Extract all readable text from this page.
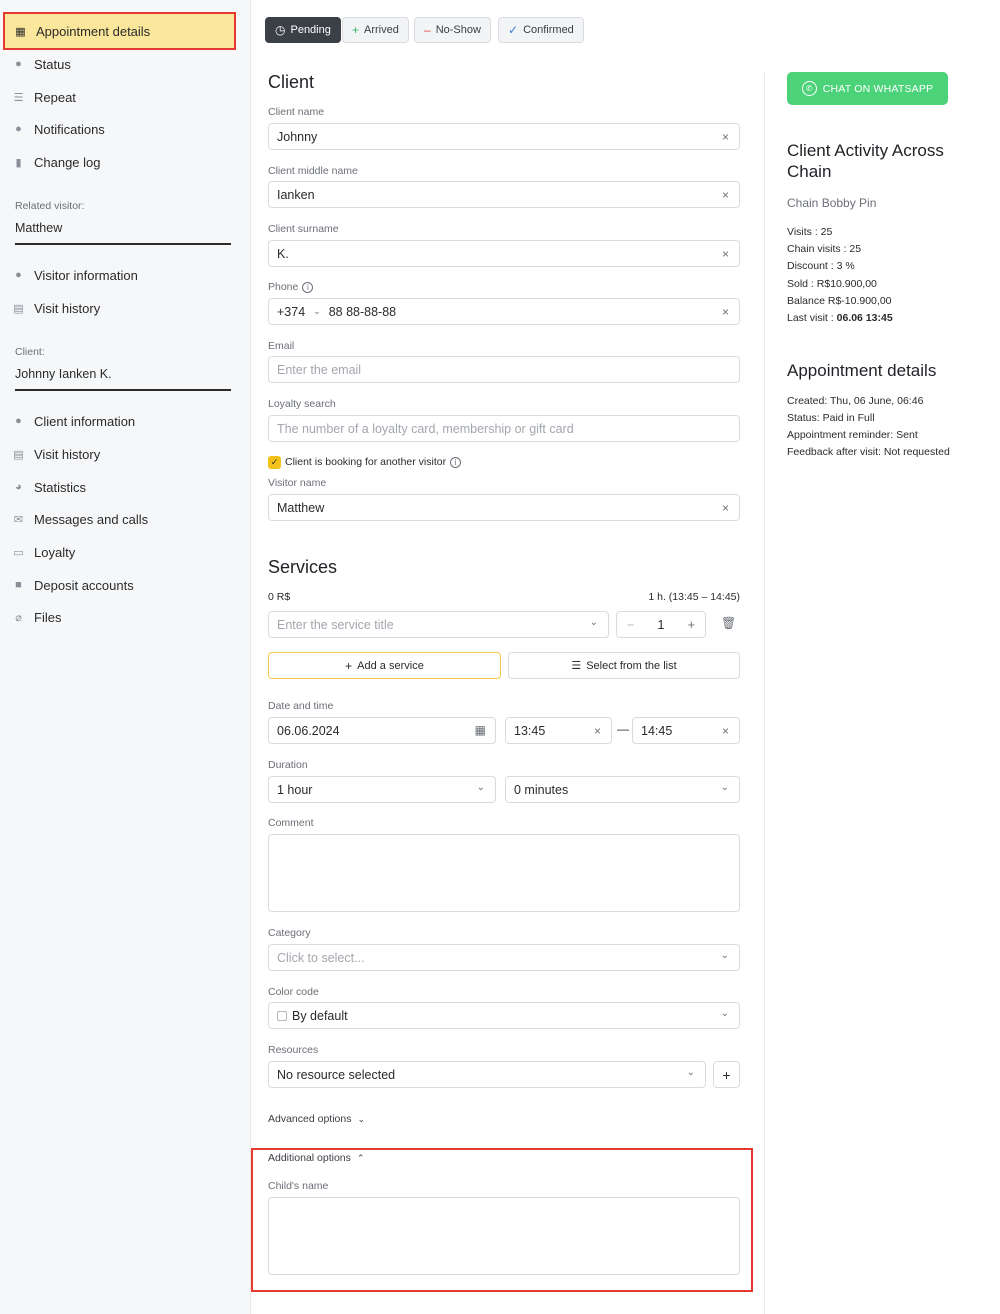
▦ Appointment details
● Status
☰ Repeat
● Notifications
▮ Change log
Related visitor:
Matthew
● Visitor information
▤ Visit history
Client:
Johnny Ianken K.
● Client information
▤ Visit history
◕ Statistics
✉ Messages and calls
▭ Loyalty
■ Deposit accounts
⌀ Files
◷ Pending + Arrived – No-Show ✓ Confirmed
Client
Client name
Johnny	×
Client middle name
Ianken	×
Client surname
K.	×
Phone	i
+374 ⌄ 88 88-88-88	×
Email
Enter the email
Loyalty search
The number of a loyalty card, membership or gift card
✓ Client is booking for another visitor	i
Visitor name
Matthew	×
Services
0 R$	1 h. (13:45 – 14:45)
Enter the service title	⌄ − 1 + 🗑
+ Add a service	☰ Select from the list
Date and time
06.06.2024	▦ 13:45	× — 14:45	×
Duration
1 hour	⌄ 0 minutes	⌄
Comment
Category
Click to select...	⌄
Color code
By default	⌄
Resources
No resource selected	⌄ +
Advanced options ⌄
Additional options ⌃
Child's name
✆ CHAT ON WHATSAPP
Client Activity Across Chain
Chain Bobby Pin
Visits : 25
Chain visits : 25
Discount : 3 %
Sold : R$10.900,00
Balance R$-10.900,00
Last visit : 06.06 13:45
Appointment details
Created: Thu, 06 June, 06:46
Status: Paid in Full
Appointment reminder: Sent
Feedback after visit: Not requested
